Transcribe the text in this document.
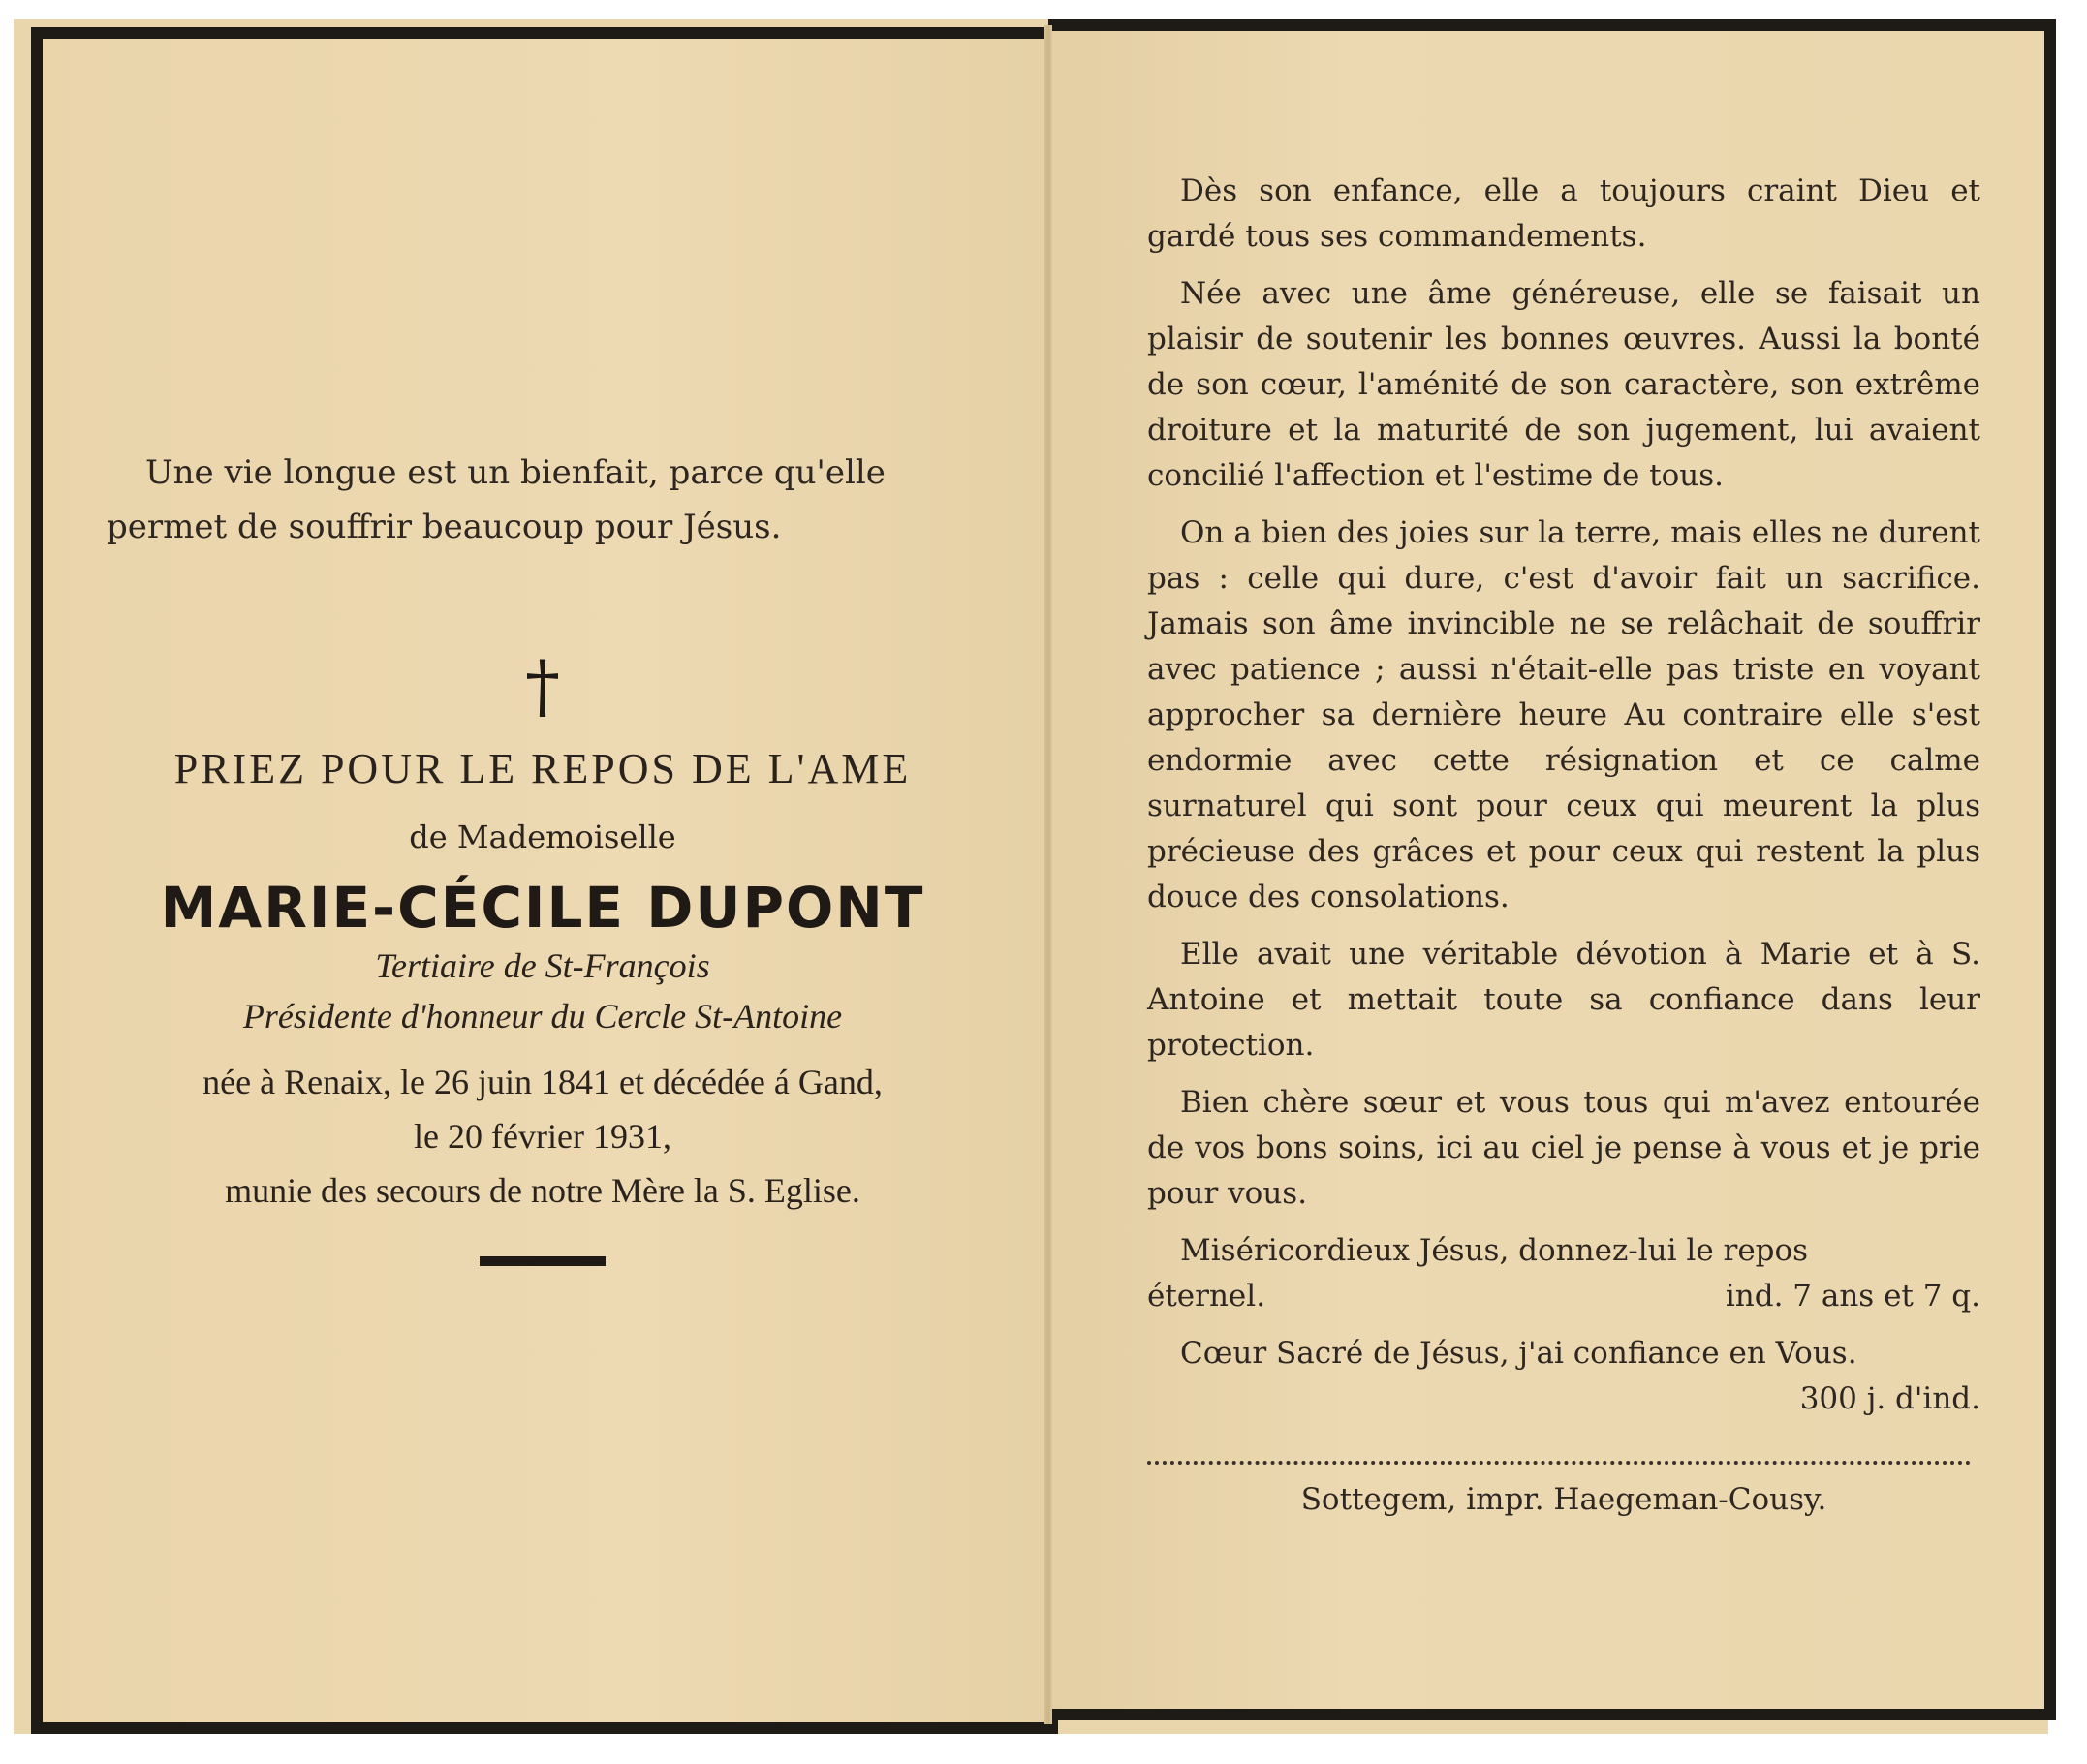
Une vie longue est un bienfait, parce qu'elle
permet de souffrir beaucoup pour Jésus.
†
PRIEZ POUR LE REPOS DE L'AME
de Mademoiselle
MARIE-CÉCILE DUPONT
Tertiaire de St-François
Présidente d'honneur du Cercle St-Antoine
née à Renaix, le 26 juin 1841 et décédée á Gand,
le 20 février 1931,
munie des secours de notre Mère la S. Eglise.

Dès son enfance, elle a toujours craint Dieu et gardé tous ses commandements.

Née avec une âme généreuse, elle se faisait un plaisir de soutenir les bonnes œuvres. Aussi la bonté de son cœur, l'aménité de son caractère, son extrême droiture et la maturité de son jugement, lui avaient concilié l'affection et l'estime de tous.

On a bien des joies sur la terre, mais elles ne durent pas : celle qui dure, c'est d'avoir fait un sacrifice. Jamais son âme invincible ne se relâchait de souffrir avec patience ; aussi n'était-elle pas triste en voyant approcher sa dernière heure Au contraire elle s'est endormie avec cette résignation et ce calme surnaturel qui sont pour ceux qui meurent la plus précieuse des grâces et pour ceux qui restent la plus douce des consolations.

Elle avait une véritable dévotion à Marie et à S. Antoine et mettait toute sa confiance dans leur protection.

Bien chère sœur et vous tous qui m'avez entourée de vos bons soins, ici au ciel je pense à vous et je prie pour vous.

Miséricordieux Jésus, donnez-lui le repos

éternel.	ind. 7 ans et 7 q.

Cœur Sacré de Jésus, j'ai confiance en Vous.

300 j. d'ind.
Sottegem, impr. Haegeman-Cousy.
